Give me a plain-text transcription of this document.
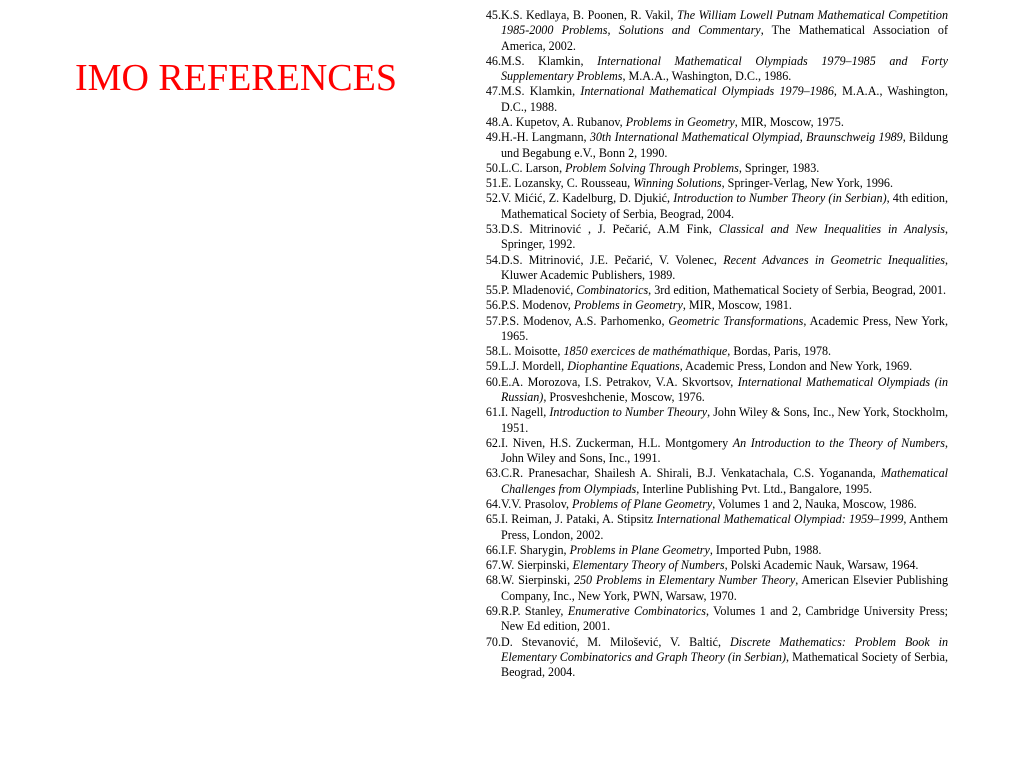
IMO REFERENCES
45. K.S. Kedlaya, B. Poonen, R. Vakil, The William Lowell Putnam Mathematical Competition 1985-2000 Problems, Solutions and Commentary, The Mathematical Association of America, 2002.
46. M.S. Klamkin, International Mathematical Olympiads 1979–1985 and Forty Supplementary Problems, M.A.A., Washington, D.C., 1986.
47. M.S. Klamkin, International Mathematical Olympiads 1979–1986, M.A.A., Washington, D.C., 1988.
48. A. Kupetov, A. Rubanov, Problems in Geometry, MIR, Moscow, 1975.
49. H.-H. Langmann, 30th International Mathematical Olympiad, Braunschweig 1989, Bildung und Begabung e.V., Bonn 2, 1990.
50. L.C. Larson, Problem Solving Through Problems, Springer, 1983.
51. E. Lozansky, C. Rousseau, Winning Solutions, Springer-Verlag, New York, 1996.
52. V. Mićić, Z. Kadelburg, D. Djukić, Introduction to Number Theory (in Serbian), 4th edition, Mathematical Society of Serbia, Beograd, 2004.
53. D.S. Mitrinović , J. Pečarić, A.M Fink, Classical and New Inequalities in Analysis, Springer, 1992.
54. D.S. Mitrinović, J.E. Pečarić, V. Volenec, Recent Advances in Geometric Inequalities, Kluwer Academic Publishers, 1989.
55. P. Mladenović, Combinatorics, 3rd edition, Mathematical Society of Serbia, Beograd, 2001.
56. P.S. Modenov, Problems in Geometry, MIR, Moscow, 1981.
57. P.S. Modenov, A.S. Parhomenko, Geometric Transformations, Academic Press, New York, 1965.
58. L. Moisotte, 1850 exercices de mathémathique, Bordas, Paris, 1978.
59. L.J. Mordell, Diophantine Equations, Academic Press, London and New York, 1969.
60. E.A. Morozova, I.S. Petrakov, V.A. Skvortsov, International Mathematical Olympiads (in Russian), Prosveshchenie, Moscow, 1976.
61. I. Nagell, Introduction to Number Theoury, John Wiley & Sons, Inc., New York, Stockholm, 1951.
62. I. Niven, H.S. Zuckerman, H.L. Montgomery An Introduction to the Theory of Numbers, John Wiley and Sons, Inc., 1991.
63. C.R. Pranesachar, Shailesh A. Shirali, B.J. Venkatachala, C.S. Yogananda, Mathematical Challenges from Olympiads, Interline Publishing Pvt. Ltd., Bangalore, 1995.
64. V.V. Prasolov, Problems of Plane Geometry, Volumes 1 and 2, Nauka, Moscow, 1986.
65. I. Reiman, J. Pataki, A. Stipsitz International Mathematical Olympiad: 1959–1999, Anthem Press, London, 2002.
66. I.F. Sharygin, Problems in Plane Geometry, Imported Pubn, 1988.
67. W. Sierpinski, Elementary Theory of Numbers, Polski Academic Nauk, Warsaw, 1964.
68. W. Sierpinski, 250 Problems in Elementary Number Theory, American Elsevier Publishing Company, Inc., New York, PWN, Warsaw, 1970.
69. R.P. Stanley, Enumerative Combinatorics, Volumes 1 and 2, Cambridge University Press; New Ed edition, 2001.
70. D. Stevanović, M. Milošević, V. Baltić, Discrete Mathematics: Problem Book in Elementary Combinatorics and Graph Theory (in Serbian), Mathematical Society of Serbia, Beograd, 2004.
